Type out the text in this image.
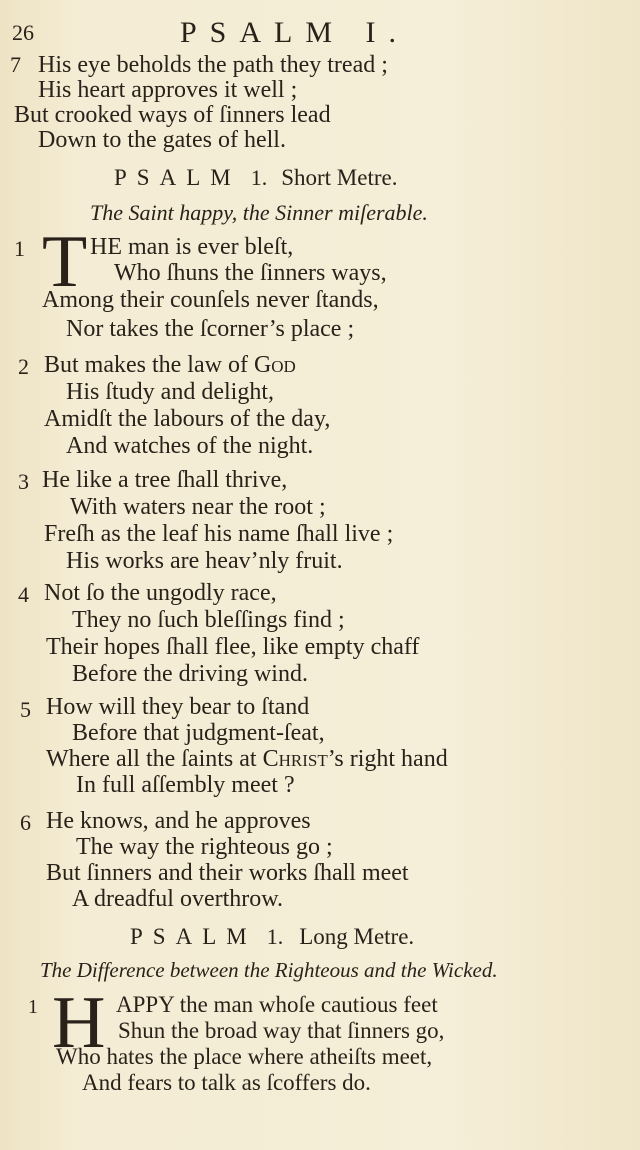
26	PSALM I.
7 His eye beholds the path they tread ;
His heart approves it well ;
But crooked ways of ſinners lead
Down to the gates of hell.
PSALM 1. Short Metre.
The Saint happy, the Sinner miſerable.
1 T HE man is ever bleſt,
Who ſhuns the ſinners ways,
Among their counſels never ſtands,
Nor takes the ſcorner’s place ;
2 But makes the law of God
His ſtudy and delight,
Amidſt the labours of the day,
And watches of the night.
3 He like a tree ſhall thrive,
With waters near the root ;
Freſh as the leaf his name ſhall live ;
His works are heav’nly fruit.
4 Not ſo the ungodly race,
They no ſuch bleſſings find ;
Their hopes ſhall flee, like empty chaff
Before the driving wind.
5 How will they bear to ſtand
Before that judgment-ſeat,
Where all the ſaints at Christ’s right hand
In full aſſembly meet ?
6 He knows, and he approves
The way the righteous go ;
But ſinners and their works ſhall meet
A dreadful overthrow.
PSALM 1. Long Metre.
The Difference between the Righteous and the Wicked.
1 H APPY the man whoſe cautious feet
Shun the broad way that ſinners go,
Who hates the place where atheiſts meet,
And fears to talk as ſcoffers do.
